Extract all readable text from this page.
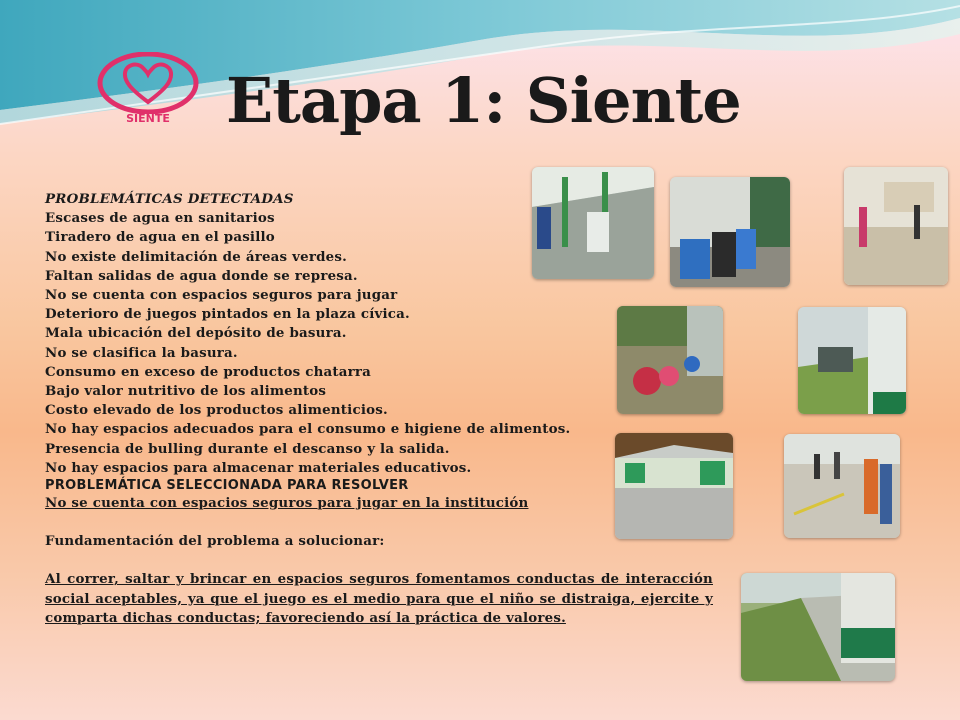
SIENTE Etapa 1: Siente
PROBLEMÁTICAS DETECTADAS
Escases de agua en sanitarios
Tiradero de agua en el pasillo
No existe delimitación de áreas verdes.
Faltan salidas de agua donde se represa.
No se cuenta con espacios seguros para jugar
Deterioro de juegos pintados en la plaza cívica.
Mala ubicación del depósito de basura.
No se clasifica la basura.
Consumo en exceso de productos chatarra
Bajo valor nutritivo de los alimentos
Costo elevado de los productos alimenticios.
No hay espacios adecuados para el consumo e higiene de alimentos.
Presencia de bulling durante el descanso y la salida.
No hay espacios para almacenar materiales educativos.
PROBLEMÁTICA SELECCIONADA PARA RESOLVER
No se cuenta con espacios seguros para jugar en la institución
Fundamentación del problema a solucionar:
Al correr, saltar y brincar en espacios seguros fomentamos conductas de interacción social aceptables, ya que el juego es el medio para que el niño se distraiga, ejercite y comparta dichas conductas; favoreciendo así la práctica de valores.
